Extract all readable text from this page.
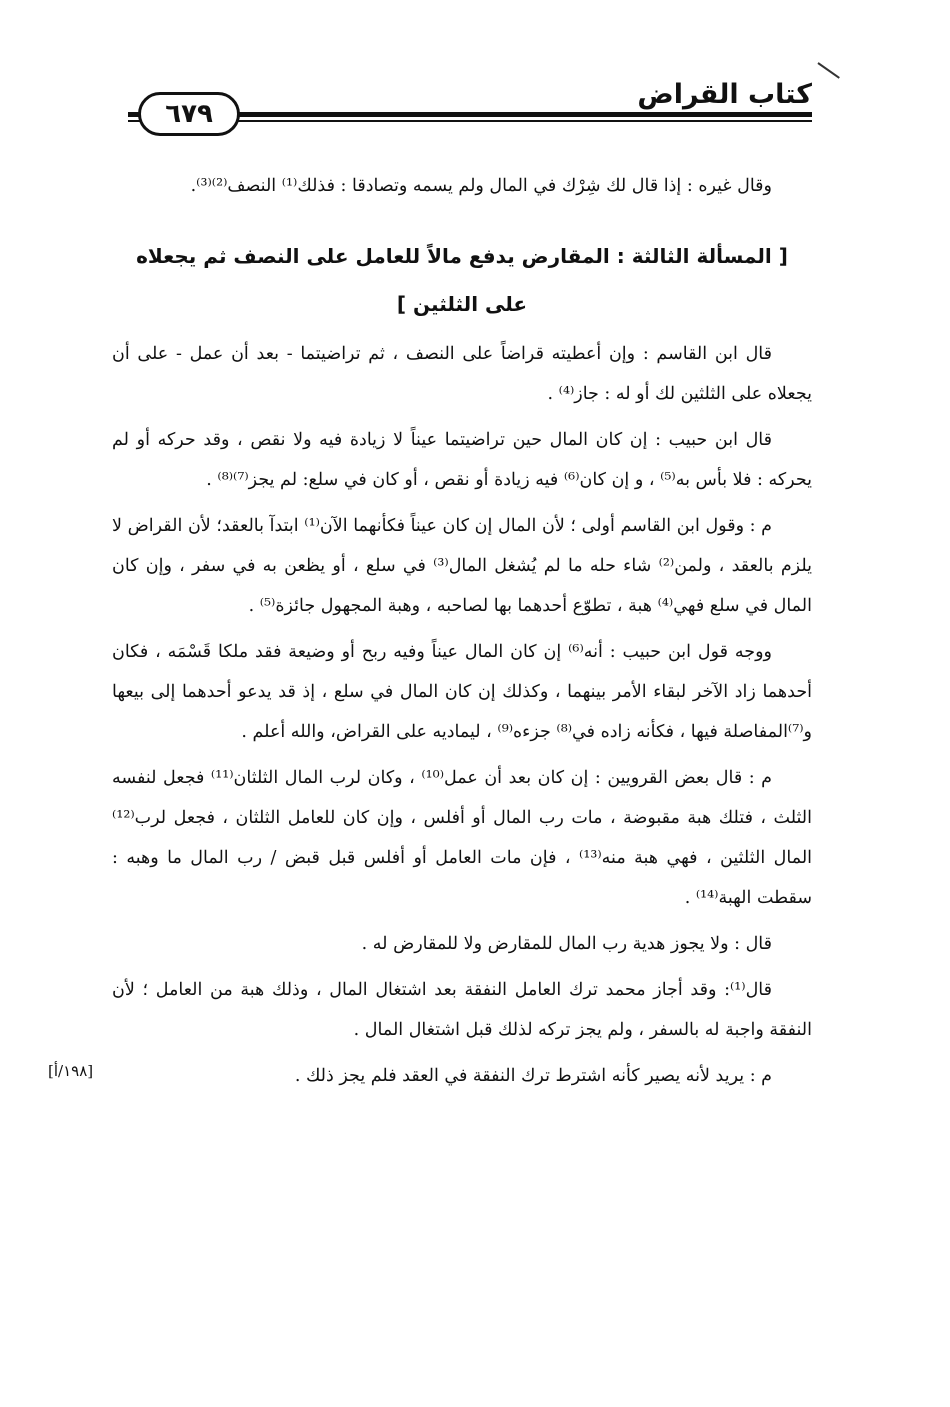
كتاب القراض
٦٧٩

وقال غيره : إذا قال لك شِرْك في المال ولم يسمه وتصادقا : فذلك⁽¹⁾ النصف⁽²⁾⁽³⁾.

[ المسألة الثالثة : المقارض يدفع مالاً للعامل على النصف ثم يجعلاه على الثلثين ]

قال ابن القاسم : وإن أعطيته قراضاً على النصف ، ثم تراضيتما - بعد أن عمل - على أن يجعلاه على الثلثين لك أو له : جاز⁽⁴⁾ .

قال ابن حبيب : إن كان المال حين تراضيتما عيناً لا زيادة فيه ولا نقص ، وقد حركه أو لم يحركه : فلا بأس به⁽⁵⁾ ، و إن كان⁽⁶⁾ فيه زيادة أو نقص ، أو كان في سلع: لم يجز⁽⁷⁾⁽⁸⁾ .

م : وقول ابن القاسم أولى ؛ لأن المال إن كان عيناً فكأنهما الآن⁽¹⁾ ابتدآ بالعقد؛ لأن القراض لا يلزم بالعقد ، ولمن⁽²⁾ شاء حله ما لم يُشغل المال⁽³⁾ في سلع ، أو يظعن به في سفر ، وإن كان المال في سلع فهي⁽⁴⁾ هبة ، تطوّع أحدهما بها لصاحبه ، وهبة المجهول جائزة⁽⁵⁾ .

ووجه قول ابن حبيب : أنه⁽⁶⁾ إن كان المال عيناً وفيه ربح أو وضيعة فقد ملكا قَسْمَه ، فكان أحدهما زاد الآخر لبقاء الأمر بينهما ، وكذلك إن كان المال في سلع ، إذ قد يدعو أحدهما إلى بيعها و⁽⁷⁾المفاصلة فيها ، فكأنه زاده في⁽⁸⁾ جزءه⁽⁹⁾ ، ليماديه على القراض، والله أعلم .

م : قال بعض القرويين : إن كان بعد أن عمل⁽¹⁰⁾ ، وكان لرب المال الثلثان⁽¹¹⁾ فجعل لنفسه الثلث ، فتلك هبة مقبوضة ، مات رب المال أو أفلس ، وإن كان للعامل الثلثان ، فجعل لرب⁽¹²⁾ المال الثلثين ، فهي هبة منه⁽¹³⁾ ، فإن مات العامل أو أفلس قبل قبض / رب المال ما وهبه : سقطت الهبة⁽¹⁴⁾ .

قال : ولا يجوز هدية رب المال للمقارض ولا للمقارض له .

قال⁽¹⁾: وقد أجاز محمد ترك العامل النفقة بعد اشتغال المال ، وذلك هبة من العامل ؛ لأن النفقة واجبة له بالسفر ، ولم يجز تركه لذلك قبل اشتغال المال .

م : يريد لأنه يصير كأنه اشترط ترك النفقة في العقد فلم يجز ذلك .

[١٩٨/أ]
